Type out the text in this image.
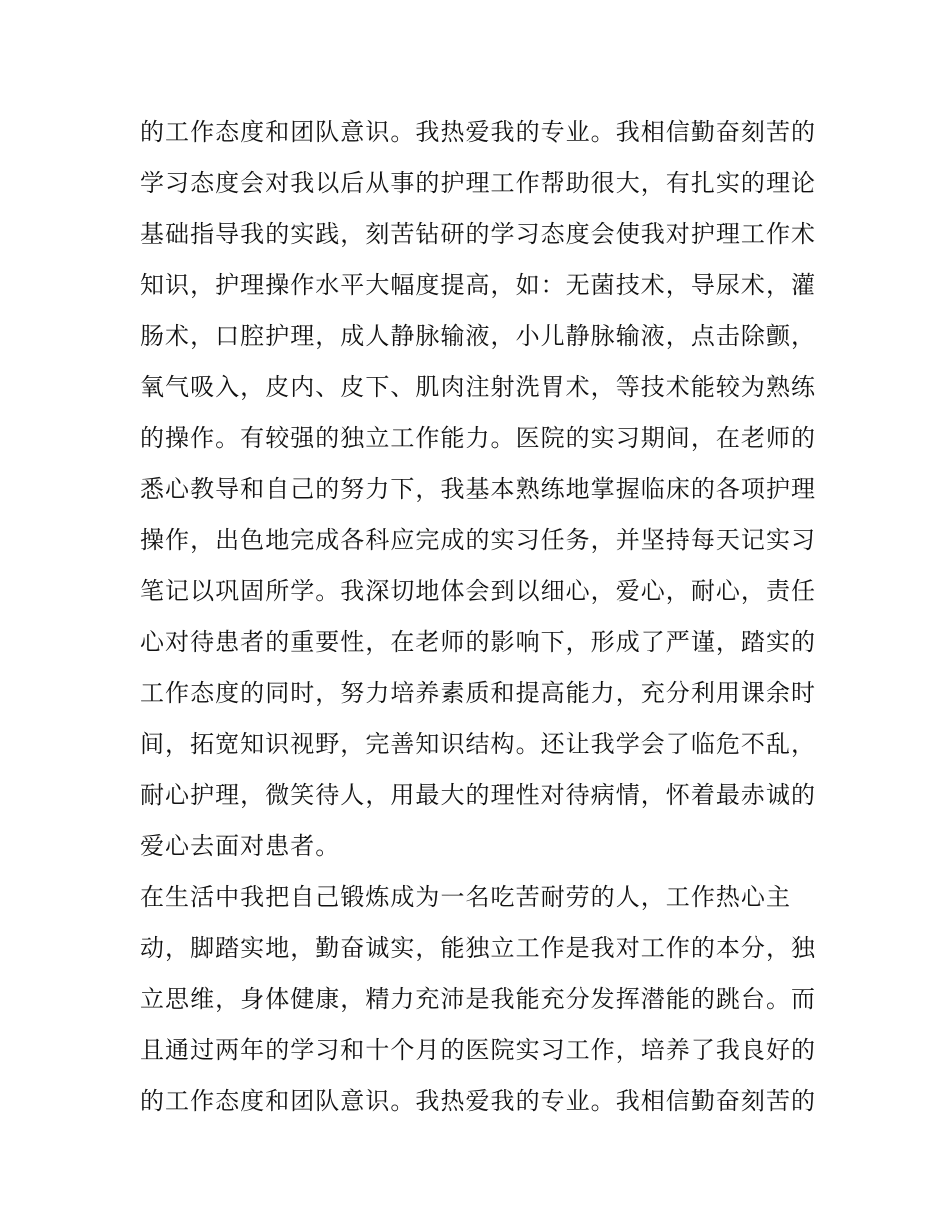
的工作态度和团队意识。我热爱我的专业。我相信勤奋刻苦的
学习态度会对我以后从事的护理工作帮助很大，有扎实的理论
基础指导我的实践，刻苦钻研的学习态度会使我对护理工作术
知识，护理操作水平大幅度提高，如：无菌技术，导尿术，灌
肠术，口腔护理，成人静脉输液，小儿静脉输液，点击除颤，
氧气吸入，皮内、皮下、肌肉注射洗胃术，等技术能较为熟练
的操作。有较强的独立工作能力。医院的实习期间，在老师的
悉心教导和自己的努力下，我基本熟练地掌握临床的各项护理
操作，出色地完成各科应完成的实习任务，并坚持每天记实习
笔记以巩固所学。我深切地体会到以细心，爱心，耐心，责任
心对待患者的重要性，在老师的影响下，形成了严谨，踏实的
工作态度的同时，努力培养素质和提高能力，充分利用课余时
间，拓宽知识视野，完善知识结构。还让我学会了临危不乱，
耐心护理，微笑待人，用最大的理性对待病情，怀着最赤诚的
爱心去面对患者。
在生活中我把自己锻炼成为一名吃苦耐劳的人，工作热心主
动，脚踏实地，勤奋诚实，能独立工作是我对工作的本分，独
立思维，身体健康，精力充沛是我能充分发挥潜能的跳台。而
且通过两年的学习和十个月的医院实习工作，培养了我良好的
的工作态度和团队意识。我热爱我的专业。我相信勤奋刻苦的
